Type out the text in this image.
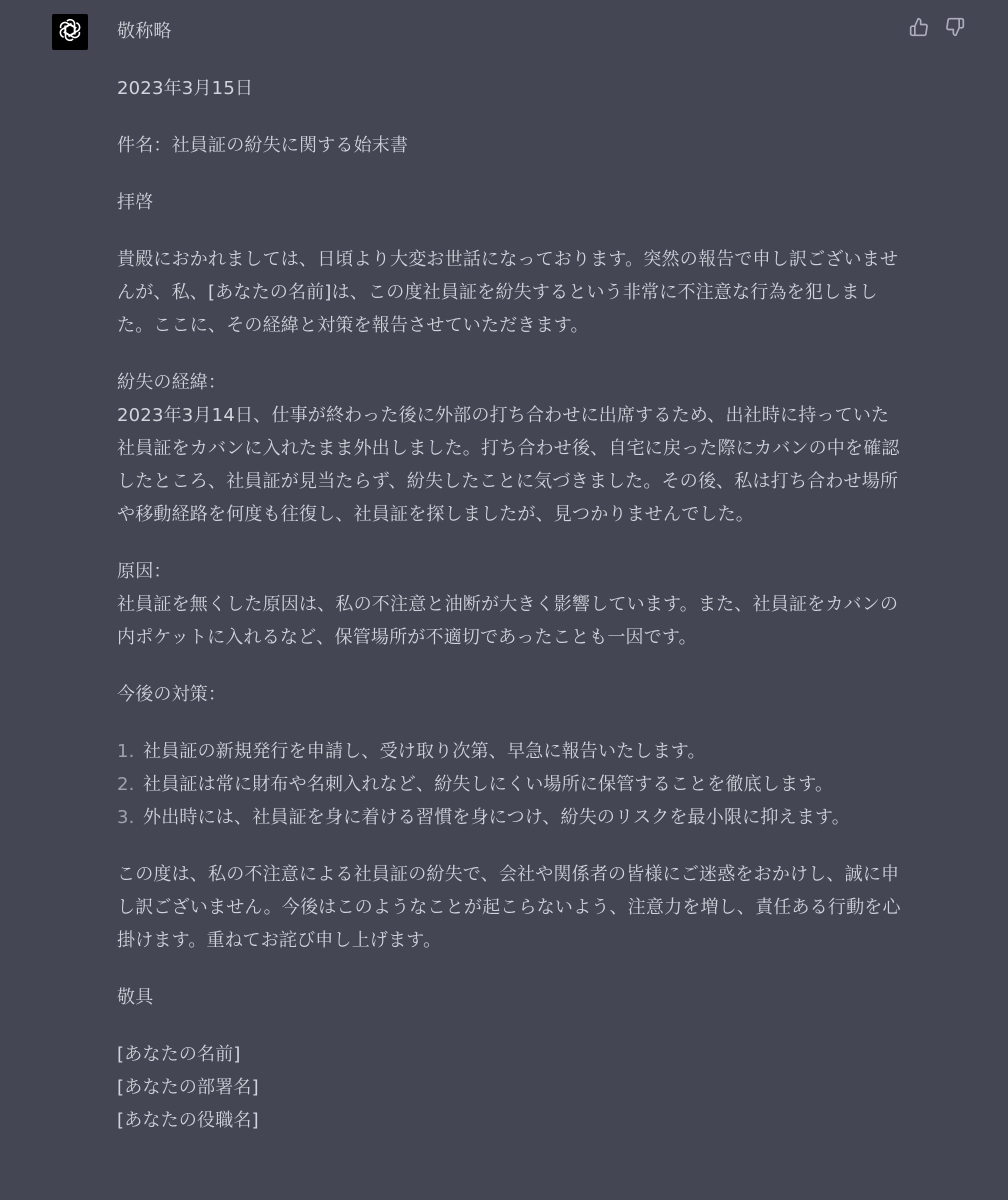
敬称略

2023年3月15日

件名：社員証の紛失に関する始末書

拝啓

貴殿におかれましては、日頃より大変お世話になっております。突然の報告で申し訳ございませんが、私、[あなたの名前]は、この度社員証を紛失するという非常に不注意な行為を犯しました。ここに、その経緯と対策を報告させていただきます。

紛失の経緯：
2023年3月14日、仕事が終わった後に外部の打ち合わせに出席するため、出社時に持っていた社員証をカバンに入れたまま外出しました。打ち合わせ後、自宅に戻った際にカバンの中を確認したところ、社員証が見当たらず、紛失したことに気づきました。その後、私は打ち合わせ場所や移動経路を何度も往復し、社員証を探しましたが、見つかりませんでした。

原因：
社員証を無くした原因は、私の不注意と油断が大きく影響しています。また、社員証をカバンの内ポケットに入れるなど、保管場所が不適切であったことも一因です。

今後の対策：

1. 社員証の新規発行を申請し、受け取り次第、早急に報告いたします。
2. 社員証は常に財布や名刺入れなど、紛失しにくい場所に保管することを徹底します。
3. 外出時には、社員証を身に着ける習慣を身につけ、紛失のリスクを最小限に抑えます。

この度は、私の不注意による社員証の紛失で、会社や関係者の皆様にご迷惑をおかけし、誠に申し訳ございません。今後はこのようなことが起こらないよう、注意力を増し、責任ある行動を心掛けます。重ねてお詫び申し上げます。

敬具

[あなたの名前]
[あなたの部署名]
[あなたの役職名]
